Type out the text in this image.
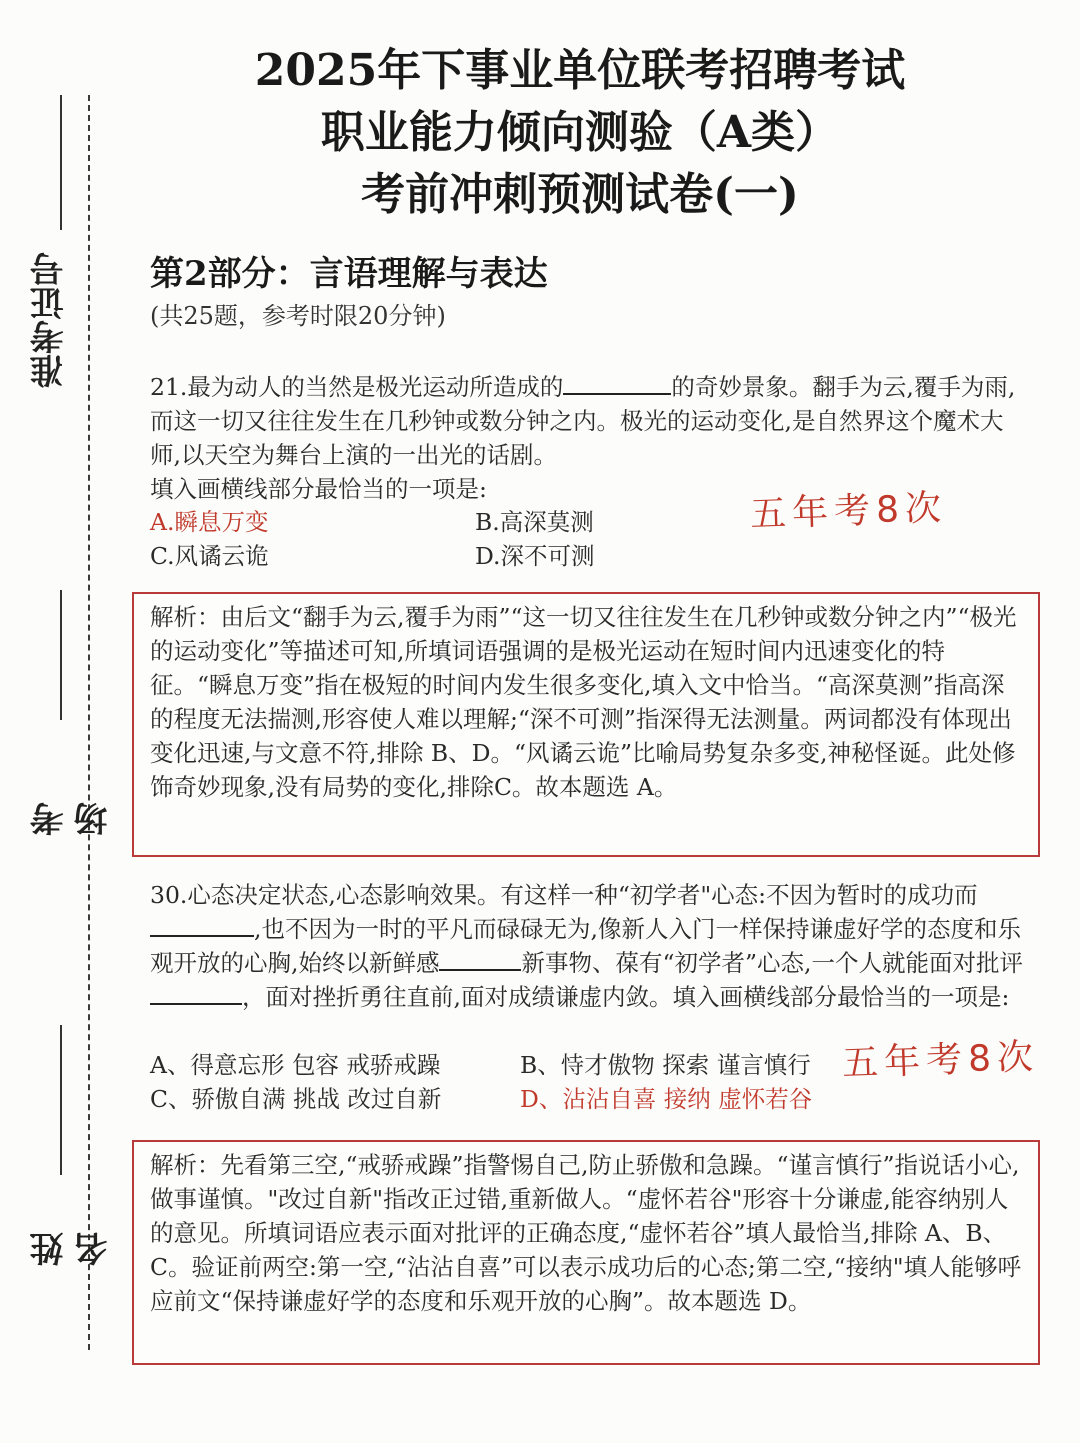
准考证号
考场
姓名
2025年下事业单位联考招聘考试
职业能力倾向测验（A类）
考前冲刺预测试卷(一)
第2部分：言语理解与表达
(共25题，参考时限20分钟)
21.最为动人的当然是极光运动所造成的	的奇妙景象。翻手为云,覆手为雨,而这一切又往往发生在几秒钟或数分钟之内。极光的运动变化,是自然界这个魔术大师,以天空为舞台上演的一出光的话剧。
填入画横线部分最恰当的一项是:
A.瞬息万变	B.高深莫测
C.风谲云诡	D.深不可测
五年考8次
解析：由后文“翻手为云,覆手为雨”“这一切又往往发生在几秒钟或数分钟之内”“极光的运动变化”等描述可知,所填词语强调的是极光运动在短时间内迅速变化的特征。“瞬息万变”指在极短的时间内发生很多变化,填入文中恰当。“高深莫测”指高深的程度无法揣测,形容使人难以理解;“深不可测”指深得无法测量。两词都没有体现出变化迅速,与文意不符,排除 B、D。“风谲云诡”比喻局势复杂多变,神秘怪诞。此处修饰奇妙现象,没有局势的变化,排除C。故本题选 A。
30.心态决定状态,心态影响效果。有这样一种“初学者"心态:不因为暂时的成功而,也不因为一时的平凡而碌碌无为,像新人入门一样保持谦虚好学的态度和乐观开放的心胸,始终以新鲜感	新事物、葆有“初学者”心态,一个人就能面对批评，面对挫折勇往直前,面对成绩谦虚内敛。填入画横线部分最恰当的一项是:
A、得意忘形 包容 戒骄戒躁	B、恃才傲物 探索 谨言慎行
C、骄傲自满 挑战 改过自新	D、沾沾自喜 接纳 虚怀若谷
五年考8次
解析：先看第三空,“戒骄戒躁”指警惕自己,防止骄傲和急躁。“谨言慎行”指说话小心,做事谨慎。"改过自新"指改正过错,重新做人。“虚怀若谷"形容十分谦虚,能容纳别人的意见。所填词语应表示面对批评的正确态度,“虚怀若谷”填人最恰当,排除 A、B、C。验证前两空:第一空,“沾沾自喜”可以表示成功后的心态;第二空,“接纳"填人能够呼应前文“保持谦虚好学的态度和乐观开放的心胸”。故本题选 D。
